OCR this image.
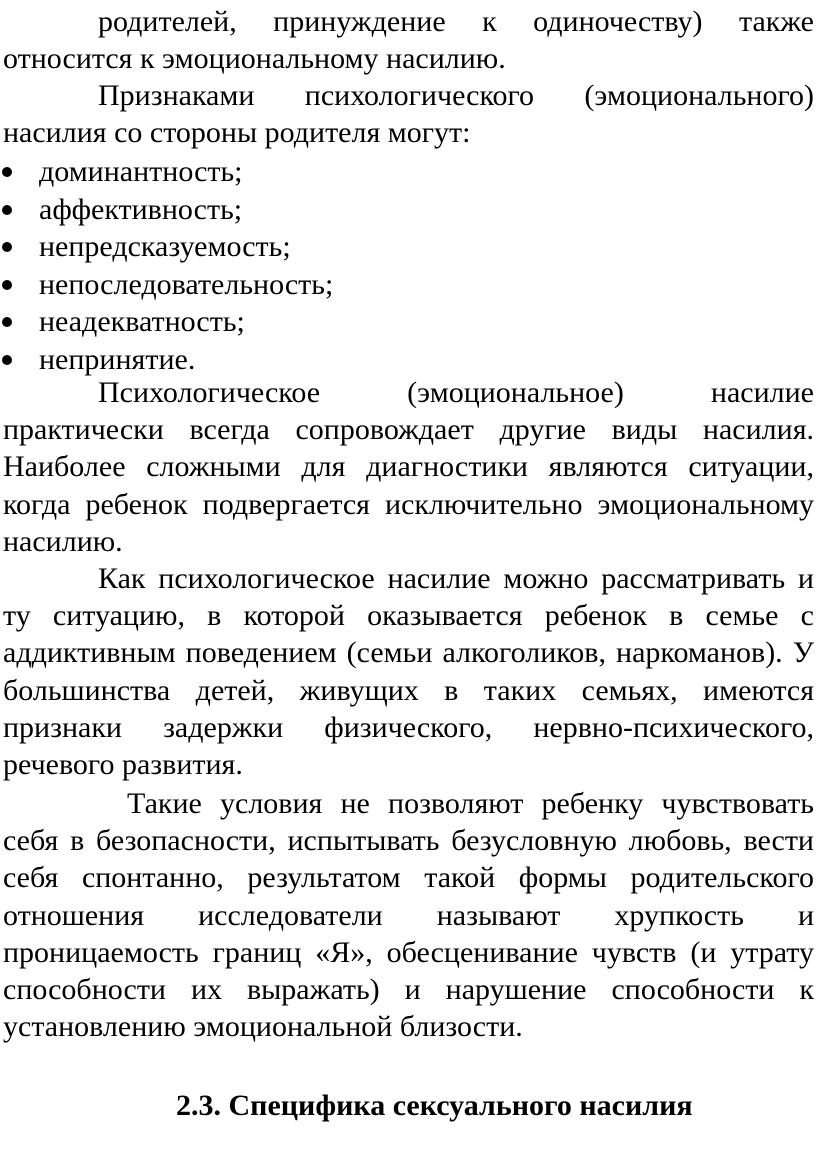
родителей, принуждение к одиночеству) также относится к эмоциональному насилию.

Признаками психологического (эмоционального) насилия со стороны родителя могут:

доминантность;
аффективность;
непредсказуемость;
непоследовательность;
неадекватность;
непринятие.

Психологическое (эмоциональное) насилие практически всегда сопровождает другие виды насилия. Наиболее сложными для диагностики являются ситуации, когда ребенок подвергается исключительно эмоциональному насилию.

Как психологическое насилие можно рассматривать и ту ситуацию, в которой оказывается ребенок в семье с аддиктивным поведением (семьи алкоголиков, наркоманов). У большинства детей, живущих в таких семьях, имеются признаки задержки физического, нервно-психического, речевого развития.

Такие условия не позволяют ребенку чувствовать себя в безопасности, испытывать безусловную любовь, вести себя спонтанно, результатом такой формы родительского отношения исследователи называют хрупкость и проницаемость границ «Я», обесценивание чувств (и утрату способности их выражать) и нарушение способности к установлению эмоциональной близости.

2.3. Специфика сексуального насилия
